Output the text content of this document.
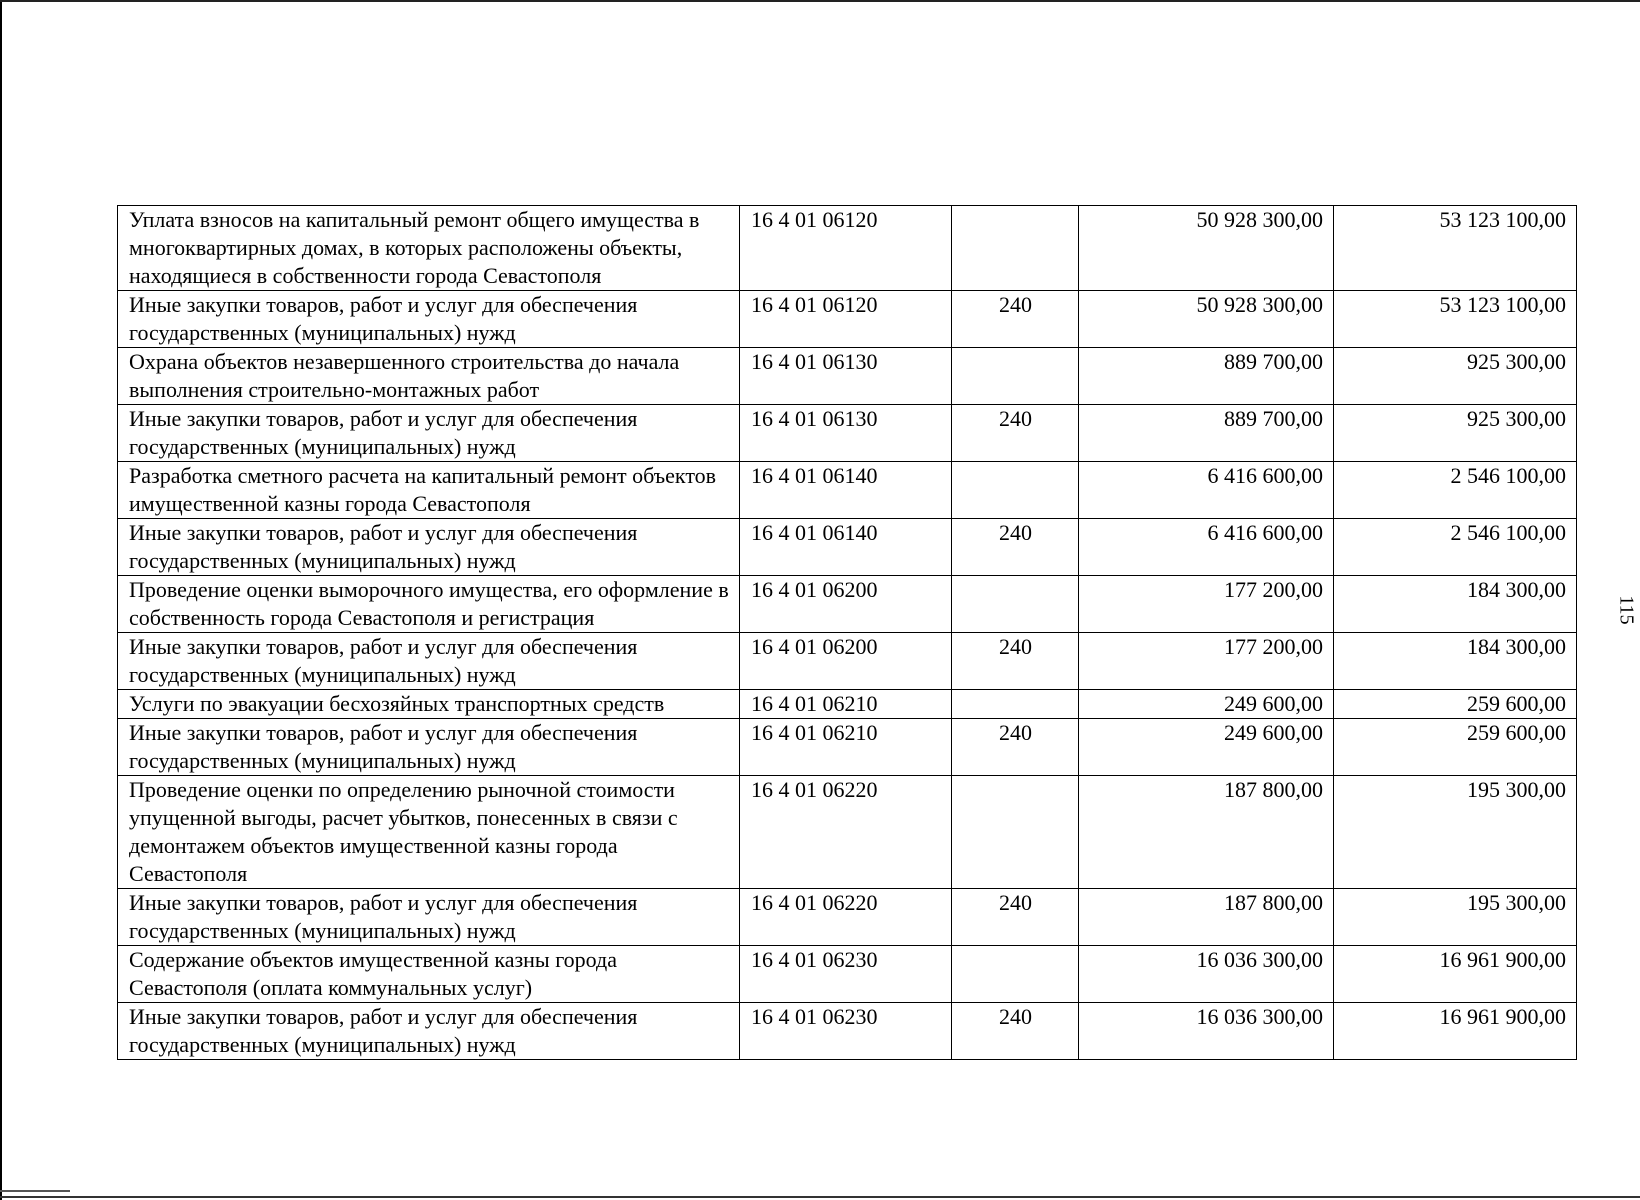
115
Уплата взносов на капитальный ремонт общего имущества в многоквартирных домах, в которых расположены объекты, находящиеся в собственности города Севастополя	16 4 01 06120		50 928 300,00	53 123 100,00
Иные закупки товаров, работ и услуг для обеспечения государственных (муниципальных) нужд	16 4 01 06120	240	50 928 300,00	53 123 100,00
Охрана объектов незавершенного строительства до начала выполнения строительно-монтажных работ	16 4 01 06130		889 700,00	925 300,00
Иные закупки товаров, работ и услуг для обеспечения государственных (муниципальных) нужд	16 4 01 06130	240	889 700,00	925 300,00
Разработка сметного расчета на капитальный ремонт объектов имущественной казны города Севастополя	16 4 01 06140		6 416 600,00	2 546 100,00
Иные закупки товаров, работ и услуг для обеспечения государственных (муниципальных) нужд	16 4 01 06140	240	6 416 600,00	2 546 100,00
Проведение оценки выморочного имущества, его оформление в собственность города Севастополя и регистрация	16 4 01 06200		177 200,00	184 300,00
Иные закупки товаров, работ и услуг для обеспечения государственных (муниципальных) нужд	16 4 01 06200	240	177 200,00	184 300,00
Услуги по эвакуации бесхозяйных транспортных средств	16 4 01 06210		249 600,00	259 600,00
Иные закупки товаров, работ и услуг для обеспечения государственных (муниципальных) нужд	16 4 01 06210	240	249 600,00	259 600,00
Проведение оценки по определению рыночной стоимости упущенной выгоды, расчет убытков, понесенных в связи с демонтажем объектов имущественной казны города Севастополя	16 4 01 06220		187 800,00	195 300,00
Иные закупки товаров, работ и услуг для обеспечения государственных (муниципальных) нужд	16 4 01 06220	240	187 800,00	195 300,00
Содержание объектов имущественной казны города Севастополя (оплата коммунальных услуг)	16 4 01 06230		16 036 300,00	16 961 900,00
Иные закупки товаров, работ и услуг для обеспечения государственных (муниципальных) нужд	16 4 01 06230	240	16 036 300,00	16 961 900,00
